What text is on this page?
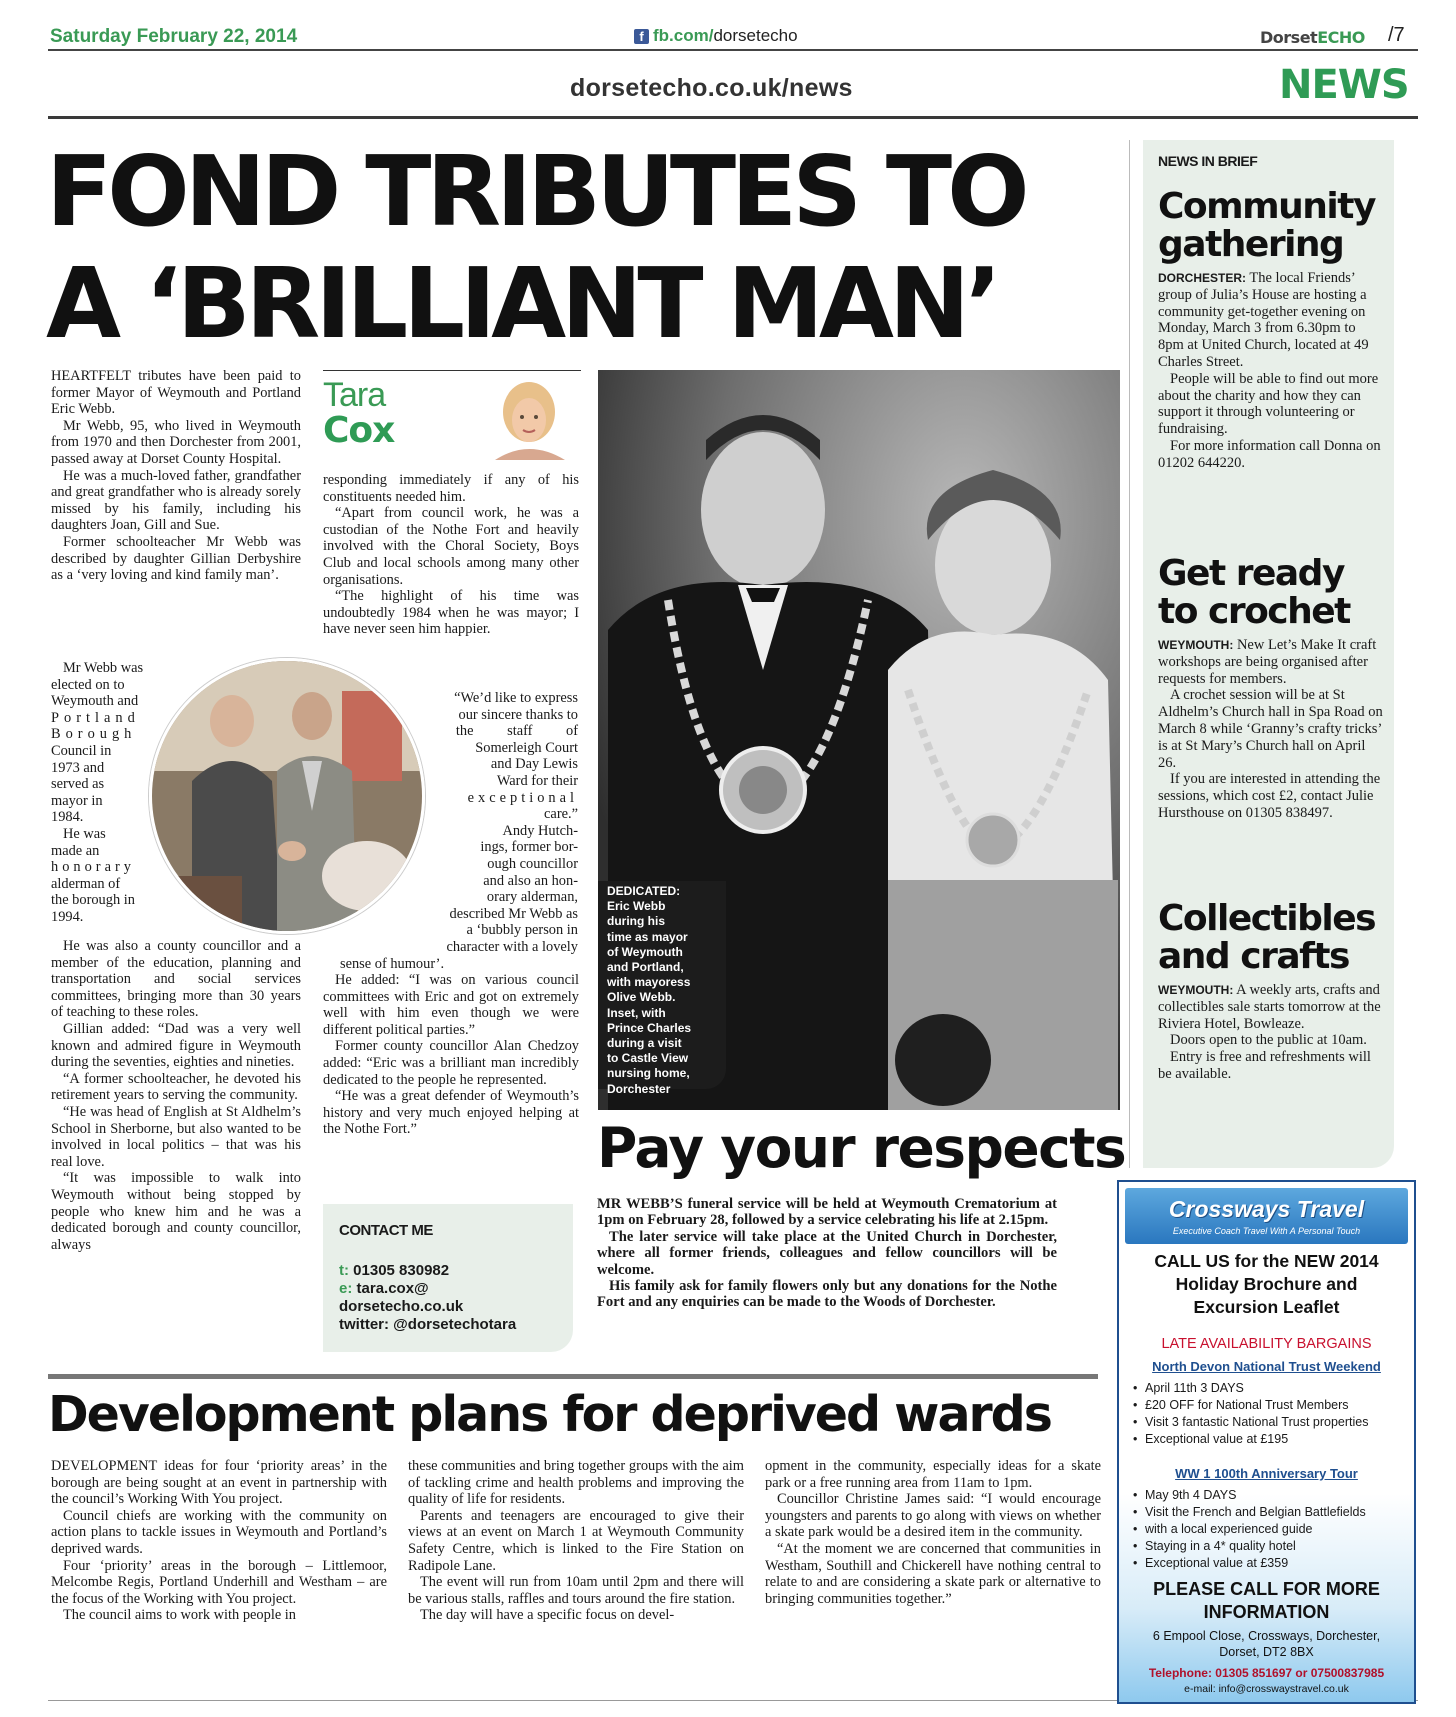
Saturday February 22, 2014	f fb.com/ dorsetecho	DorsetECHO /7
dorsetecho.co.uk/news	NEWS
FOND TRIBUTES TO
A ‘BRILLIANT MAN’

HEARTFELT tributes have been paid to former Mayor of Weymouth and Portland Eric Webb.

Mr Webb, 95, who lived in Weymouth from 1970 and then Dorchester from 2001, passed away at Dorset County Hospital.

He was a much-loved father, grandfather and great grandfather who is already sorely missed by his family, including his daughters Joan, Gill and Sue.

Former schoolteacher Mr Webb was described by daughter Gillian Derbyshire as a ‘very loving and kind family man’.

Mr Webb was
elected on to
Weymouth and
Portland
Borough
Council in
1973 and
served as
mayor in
1984.
He was
made an
honorary
alderman of
the borough in
1994.

He was also a county councillor and a member of the education, planning and transportation and social services committees, bringing more than 30 years of teaching to these roles.

Gillian added: “Dad was a very well known and admired figure in Weymouth during the seventies, eighties and nineties.

“A former schoolteacher, he devoted his retirement years to serving the community.

“He was head of English at St Aldhelm’s School in Sherborne, but also wanted to be involved in local politics – that was his real love.

“It was impossible to walk into Weymouth without being stopped by people who knew him and he was a dedicated borough and county councillor, always

Tara
Cox

responding immediately if any of his constituents needed him.

“Apart from council work, he was a custodian of the Nothe Fort and heavily involved with the Choral Society, Boys Club and local schools among many other organisations.

“The highlight of his time was undoubtedly 1984 when he was mayor; I have never seen him happier.

“We’d like to express
our sincere thanks to
the staff of
Somerleigh Court
and Day Lewis
Ward for their
exceptional
care.”
Andy Hutch-
ings, former bor-
ough councillor
and also an hon-
orary alderman,
described Mr Webb as
a ‘bubbly person in
character with a lovely
sense of humour’.

He added: “I was on various council committees with Eric and got on extremely well with him even though we were different political parties.”

Former county councillor Alan Chedzoy added: “Eric was a brilliant man incredibly dedicated to the people he represented.

“He was a great defender of Weymouth’s history and very much enjoyed helping at the Nothe Fort.”

CONTACT ME
t: 01305 830982
e: tara.cox@
dorsetecho.co.uk
twitter: @dorsetechotara
DEDICATED:
Eric Webb
during his
time as mayor
of Weymouth
and Portland,
with mayoress
Olive Webb.
Inset, with
Prince Charles
during a visit
to Castle View
nursing home,
Dorchester
Pay your respects

MR WEBB’S funeral service will be held at Weymouth Crematorium at 1pm on February 28, followed by a service celebrating his life at 2.15pm.

The later service will take place at the United Church in Dorchester, where all former friends, colleagues and fellow councillors will be welcome.

His family ask for family flowers only but any donations for the Nothe Fort and any enquiries can be made to the Woods of Dorchester.

Development plans for deprived wards

DEVELOPMENT ideas for four ‘priority areas’ in the borough are being sought at an event in partnership with the council’s Working With You project.

Council chiefs are working with the community on action plans to tackle issues in Weymouth and Portland’s deprived wards.

Four ‘priority’ areas in the borough – Littlemoor, Melcombe Regis, Portland Underhill and Westham – are the focus of the Working with You project.

The council aims to work with people in

these communities and bring together groups with the aim of tackling crime and health problems and improving the quality of life for residents.

Parents and teenagers are encouraged to give their views at an event on March 1 at Weymouth Community Safety Centre, which is linked to the Fire Station on Radipole Lane.

The event will run from 10am until 2pm and there will be various stalls, raffles and tours around the fire station.

The day will have a specific focus on devel-

opment in the community, especially ideas for a skate park or a free running area from 11am to 1pm.

Councillor Christine James said: “I would encourage youngsters and parents to go along with views on whether a skate park would be a desired item in the community.

“At the moment we are concerned that communities in Westham, Southill and Chickerell have nothing central to relate to and are considering a skate park or alternative to bringing communities together.”

NEWS IN BRIEF
Community
gathering

DORCHESTER: The local Friends’ group of Julia’s House are hosting a community get-together evening on Monday, March 3 from 6.30pm to 8pm at United Church, located at 49 Charles Street.

People will be able to find out more about the charity and how they can support it through volunteering or fundraising.

For more information call Donna on 01202 644220.

Get ready
to crochet

WEYMOUTH: New Let’s Make It craft workshops are being organised after requests for members.

A crochet session will be at St Aldhelm’s Church hall in Spa Road on March 8 while ‘Granny’s crafty tricks’ is at St Mary’s Church hall on April 26.

If you are interested in attending the sessions, which cost £2, contact Julie Hursthouse on 01305 838497.

Collectibles
and crafts

WEYMOUTH: A weekly arts, crafts and collectibles sale starts tomorrow at the Riviera Hotel, Bowleaze.

Doors open to the public at 10am.

Entry is free and refreshments will be available.

Crossways Travel
Executive Coach Travel With A Personal Touch
CALL US for the NEW 2014
Holiday Brochure and
Excursion Leaflet
LATE AVAILABILITY BARGAINS
North Devon National Trust Weekend
• April 11th 3 DAYS
• £20 OFF for National Trust Members
• Visit 3 fantastic National Trust properties
• Exceptional value at £195
WW 1 100th Anniversary Tour
• May 9th 4 DAYS
• Visit the French and Belgian Battlefields
• with a local experienced guide
• Staying in a 4* quality hotel
• Exceptional value at £359
PLEASE CALL FOR MORE
INFORMATION
6 Empool Close, Crossways, Dorchester,
Dorset, DT2 8BX
Telephone: 01305 851697 or 07500837985
e-mail: info@crosswaystravel.co.uk
